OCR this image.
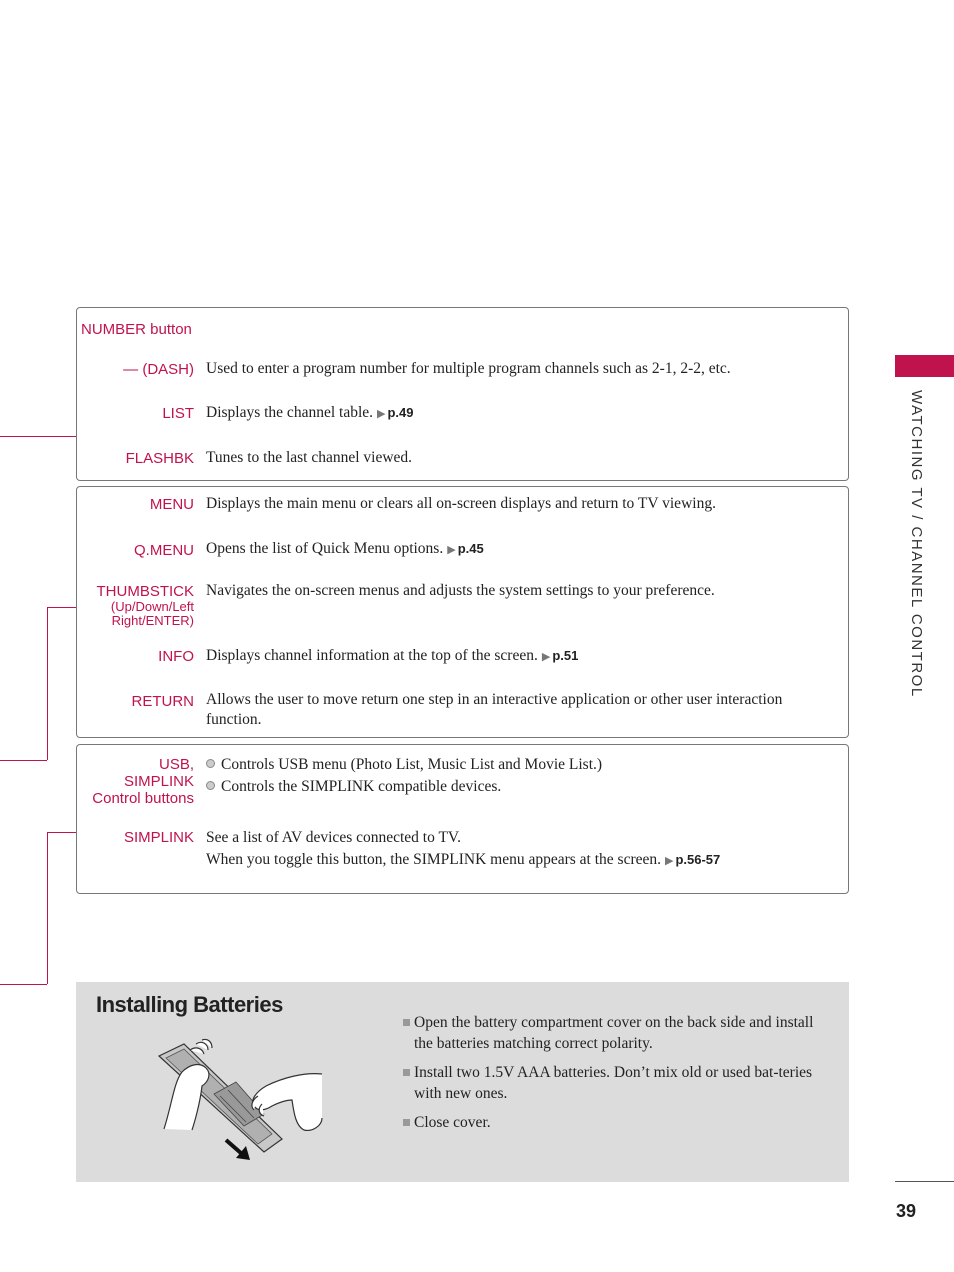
WATCHING TV / CHANNEL CONTROL
NUMBER button
— (DASH) Used to enter a program number for multiple program channels such as 2-1, 2-2, etc.
LIST Displays the channel table. ▶ p.49
FLASHBK Tunes to the last channel viewed.
MENU Displays the main menu or clears all on-screen displays and return to TV viewing.
Q.MENU Opens the list of Quick Menu options. ▶ p.45
THUMBSTICK
(Up/Down/Left
Right/ENTER)
Navigates the on-screen menus and adjusts the system settings to your preference.
INFO Displays channel information at the top of the screen. ▶ p.51
RETURN Allows the user to move return one step in an interactive application or other user interaction function.
USB,
SIMPLINK
Control buttons
Controls USB menu (Photo List, Music List and Movie List.)
Controls the SIMPLINK compatible devices.
SIMPLINK See a list of AV devices connected to TV.
When you toggle this button, the SIMPLINK menu appears at the screen. ▶ p.56-57
Installing Batteries
Open the battery compartment cover on the back side and install the batteries matching correct polarity.
Install two 1.5V AAA batteries. Don’t mix old or used bat-teries with new ones.
Close cover.
39
